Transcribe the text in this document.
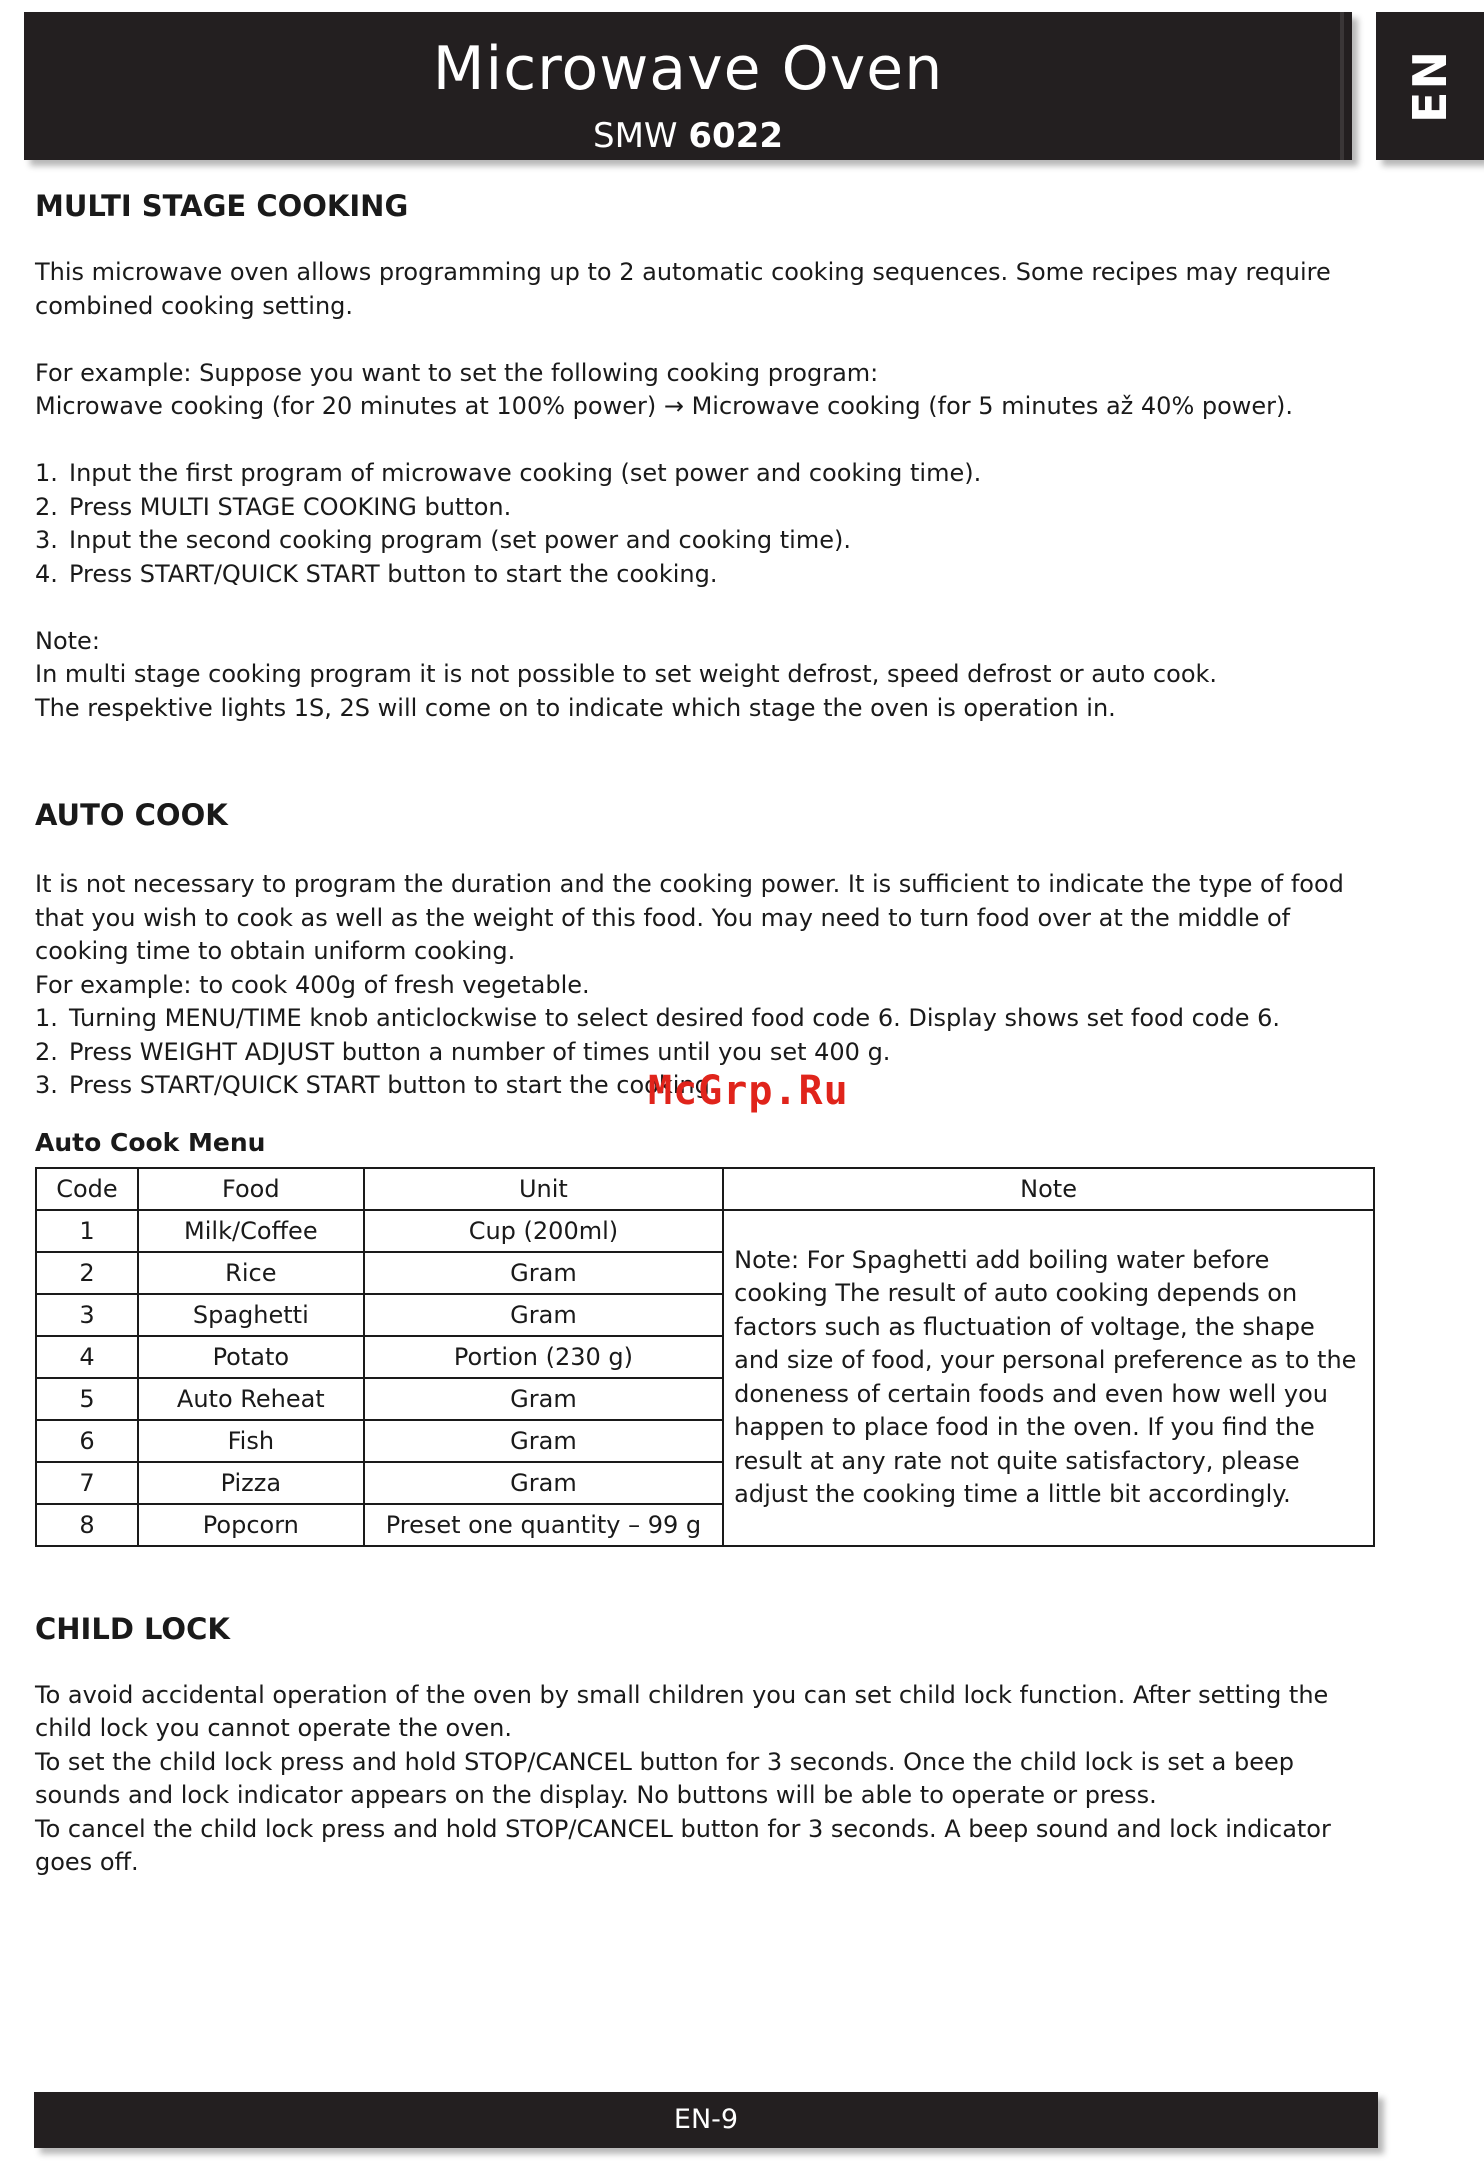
Microwave Oven
SMW 6022
EN
MULTI STAGE COOKING

This microwave oven allows programming up to 2 automatic cooking sequences. Some recipes may require combined cooking setting.

For example: Suppose you want to set the following cooking program:

Microwave cooking (for 20 minutes at 100% power) → Microwave cooking (for 5 minutes až 40% power).

1. Input the first program of microwave cooking (set power and cooking time).
2. Press MULTI STAGE COOKING button.
3. Input the second cooking program (set power and cooking time).
4. Press START/QUICK START button to start the cooking.

Note:

In multi stage cooking program it is not possible to set weight defrost, speed defrost or auto cook.

The respektive lights 1S, 2S will come on to indicate which stage the oven is operation in.

AUTO COOK

It is not necessary to program the duration and the cooking power. It is sufficient to indicate the type of food that you wish to cook as well as the weight of this food. You may need to turn food over at the middle of cooking time to obtain uniform cooking.

For example: to cook 400g of fresh vegetable.

1. Turning MENU/TIME knob anticlockwise to select desired food code 6. Display shows set food code 6.
2. Press WEIGHT ADJUST button a number of times until you set 400 g.
3. Press START/QUICK START button to start the cooking.
Auto Cook Menu
Code	Food	Unit	Note
1	Milk/Coffee	Cup (200ml)	Note: For Spaghetti add boiling water before cooking The result of auto cooking depends on factors such as fluctuation of voltage, the shape and size of food, your personal preference as to the doneness of certain foods and even how well you happen to place food in the oven. If you find the result at any rate not quite satisfactory, please adjust the cooking time a little bit accordingly.
2	Rice	Gram	
3	Spaghetti	Gram	
4	Potato	Portion (230 g)	
5	Auto Reheat	Gram	
6	Fish	Gram	
7	Pizza	Gram	
8	Popcorn	Preset one quantity – 99 g	
CHILD LOCK

To avoid accidental operation of the oven by small children you can set child lock function. After setting the child lock you cannot operate the oven.

To set the child lock press and hold STOP/CANCEL button for 3 seconds. Once the child lock is set a beep sounds and lock indicator appears on the display. No buttons will be able to operate or press.

To cancel the child lock press and hold STOP/CANCEL button for 3 seconds. A beep sound and lock indicator goes off.

McGrp.Ru
EN-9
